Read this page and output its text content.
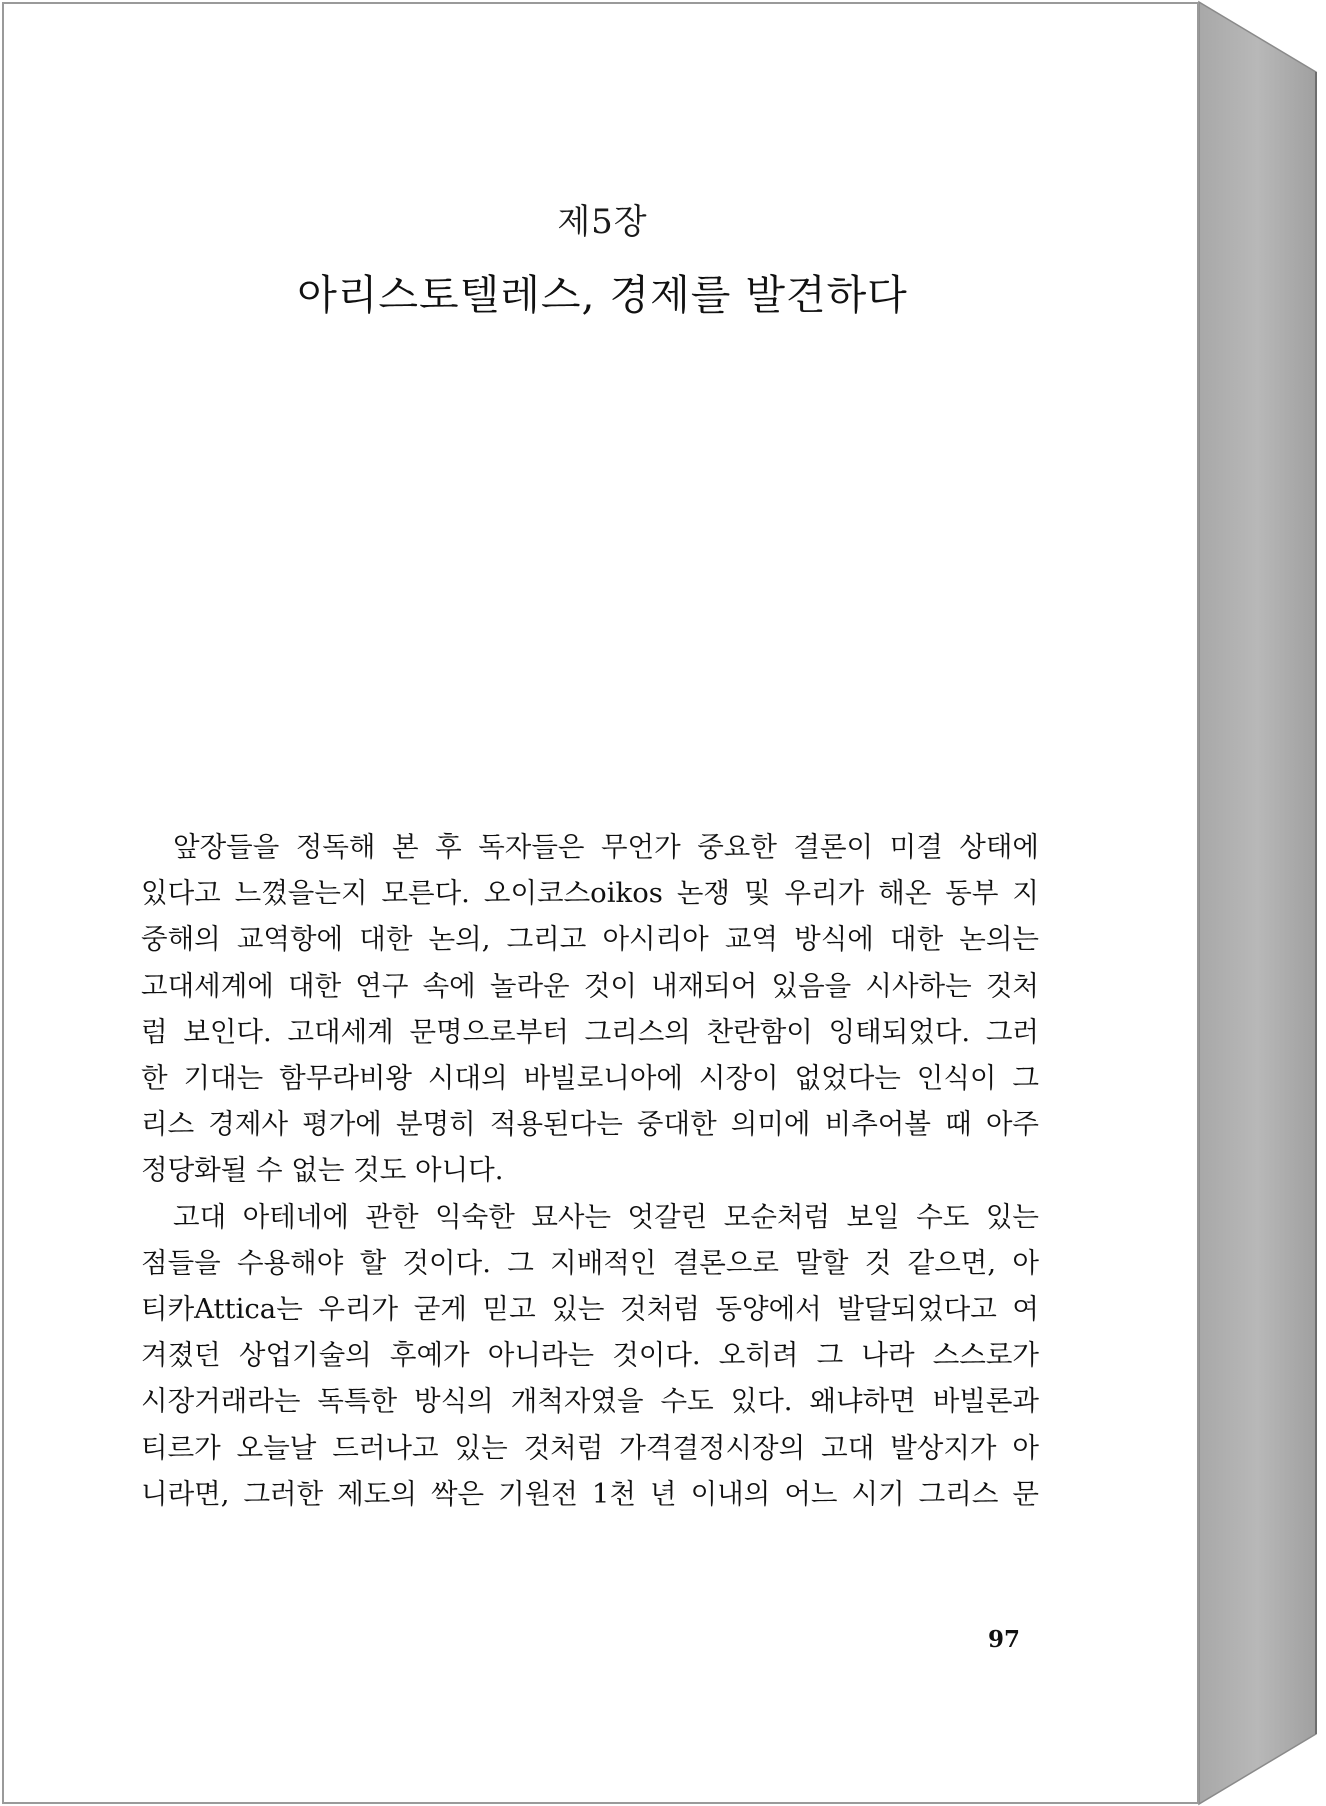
제5장
아리스토텔레스, 경제를 발견하다
앞장들을 정독해 본 후 독자들은 무언가 중요한 결론이 미결 상태에
있다고 느꼈을는지 모른다. 오이코스oikos 논쟁 및 우리가 해온 동부 지
중해의 교역항에 대한 논의, 그리고 아시리아 교역 방식에 대한 논의는
고대세계에 대한 연구 속에 놀라운 것이 내재되어 있음을 시사하는 것처
럼 보인다. 고대세계 문명으로부터 그리스의 찬란함이 잉태되었다. 그러
한 기대는 함무라비왕 시대의 바빌로니아에 시장이 없었다는 인식이 그
리스 경제사 평가에 분명히 적용된다는 중대한 의미에 비추어볼 때 아주
정당화될 수 없는 것도 아니다.
고대 아테네에 관한 익숙한 묘사는 엇갈린 모순처럼 보일 수도 있는
점들을 수용해야 할 것이다. 그 지배적인 결론으로 말할 것 같으면, 아
티카Attica는 우리가 굳게 믿고 있는 것처럼 동양에서 발달되었다고 여
겨졌던 상업기술의 후예가 아니라는 것이다. 오히려 그 나라 스스로가
시장거래라는 독특한 방식의 개척자였을 수도 있다. 왜냐하면 바빌론과
티르가 오늘날 드러나고 있는 것처럼 가격결정시장의 고대 발상지가 아
니라면, 그러한 제도의 싹은 기원전 1천 년 이내의 어느 시기 그리스 문
97
